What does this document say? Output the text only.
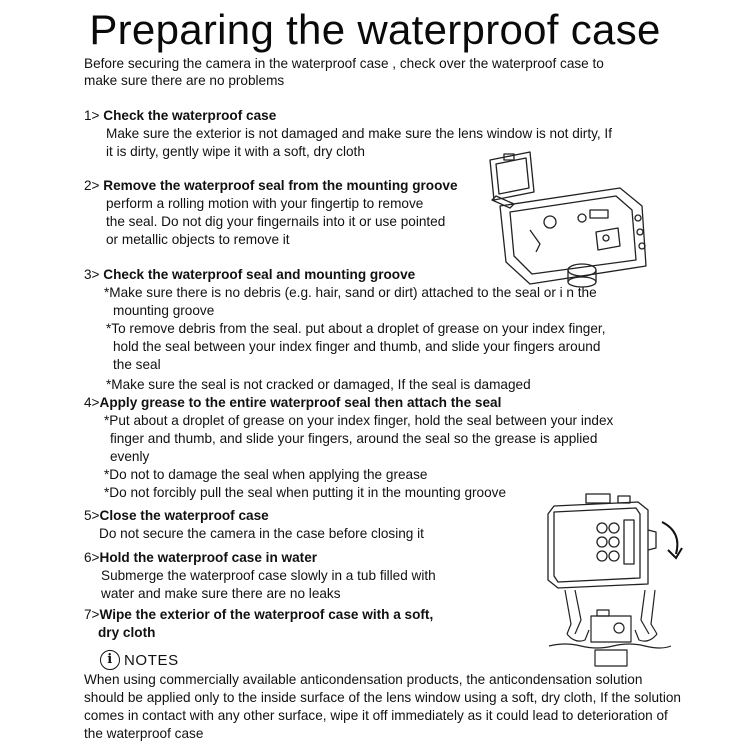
Preparing the waterproof case
Before securing the camera in the waterproof case , check over the waterproof case to
make sure there are no problems
1> Check the waterproof case
Make sure the exterior is not damaged and make sure the lens window is not dirty, If
it is dirty, gently wipe it with a soft, dry cloth
2> Remove the waterproof seal from the mounting groove
perform a rolling motion with your fingertip to remove
the seal. Do not dig your fingernails into it or use pointed
or metallic objects to remove it
3> Check the waterproof seal and mounting groove
*Make sure there is no debris (e.g. hair, sand or dirt) attached to the seal or i n the
mounting groove
*To remove debris from the seal. put about a droplet of grease on your index finger,
hold the seal between your index finger and thumb, and slide your fingers around
the seal
*Make sure the seal is not cracked or damaged, If the seal is damaged
4>Apply grease to the entire waterproof seal then attach the seal
*Put about a droplet of grease on your index finger, hold the seal between your index
finger and thumb, and slide your fingers, around the seal so the grease is applied
evenly
*Do not to damage the seal when applying the grease
*Do not forcibly pull the seal when putting it in the mounting groove
5>Close the waterproof case
Do not secure the camera in the case before closing it
6>Hold the waterproof case in water
Submerge the waterproof case slowly in a tub filled with
water and make sure there are no leaks
7>Wipe the exterior of the waterproof case with a soft,
dry cloth
i NOTES
When using commercially available anticondensation products, the anticondensation solution should be applied only to the inside surface of the lens window using a soft, dry cloth, If the solution comes in contact with any other surface, wipe it off immediately as it could lead to deterioration of the waterproof case
